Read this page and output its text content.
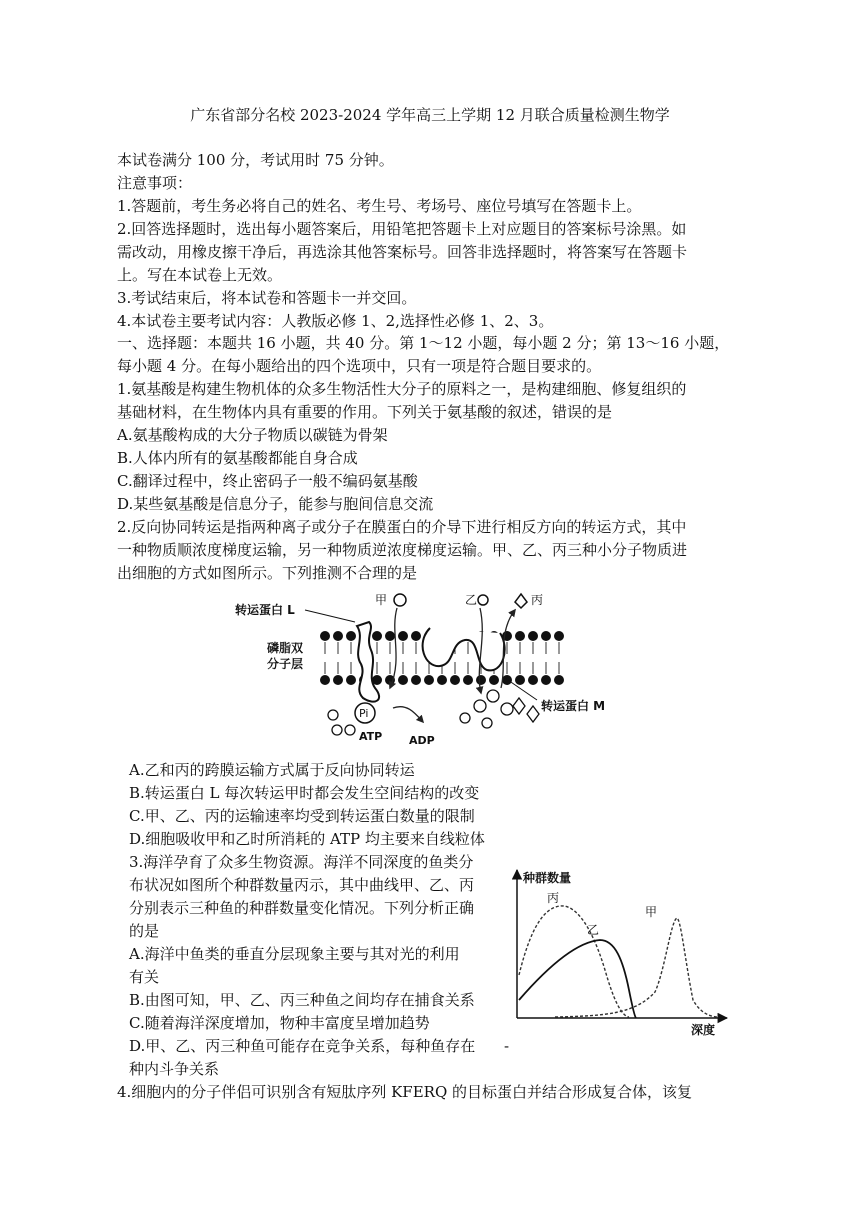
广东省部分名校 2023-2024 学年高三上学期 12 月联合质量检测生物学
本试卷满分 100 分，考试用时 75 分钟。
注意事项：
1.答题前，考生务必将自己的姓名、考生号、考场号、座位号填写在答题卡上。
2.回答选择题时，选出每小题答案后，用铅笔把答题卡上对应题目的答案标号涂黑。如
需改动，用橡皮擦干净后，再选涂其他答案标号。回答非选择题时，将答案写在答题卡
上。写在本试卷上无效。
3.考试结束后，将本试卷和答题卡一并交回。
4.本试卷主要考试内容：人教版必修 1、2,选择性必修 1、2、3。
一、选择题：本题共 16 小题，共 40 分。第 1～12 小题，每小题 2 分；第 13～16 小题，
每小题 4 分。在每小题给出的四个选项中，只有一项是符合题目要求的。
1.氨基酸是构建生物机体的众多生物活性大分子的原料之一，是构建细胞、修复组织的
基础材料，在生物体内具有重要的作用。下列关于氨基酸的叙述，错误的是
A.氨基酸构成的大分子物质以碳链为骨架
B.人体内所有的氨基酸都能自身合成
C.翻译过程中，终止密码子一般不编码氨基酸
D.某些氨基酸是信息分子，能参与胞间信息交流
2.反向协同转运是指两种离子或分子在膜蛋白的介导下进行相反方向的转运方式，其中
一种物质顺浓度梯度运输，另一种物质逆浓度梯度运输。甲、乙、丙三种小分子物质进
出细胞的方式如图所示。下列推测不合理的是
转运蛋白 L
甲	乙	丙
磷脂双
分子层
Pi
ATP ADP
转运蛋白 M
A.乙和丙的跨膜运输方式属于反向协同转运
B.转运蛋白 L 每次转运甲时都会发生空间结构的改变
C.甲、乙、丙的运输速率均受到转运蛋白数量的限制
D.细胞吸收甲和乙时所消耗的 ATP 均主要来自线粒体
3.海洋孕育了众多生物资源。海洋不同深度的鱼类分
布状况如图所个种群数量丙示，其中曲线甲、乙、丙
分别表示三种鱼的种群数量变化情况。下列分析正确
的是
A.海洋中鱼类的垂直分层现象主要与其对光的利用
有关
B.由图可知，甲、乙、丙三种鱼之间均存在捕食关系
C.随着海洋深度增加，物种丰富度呈增加趋势
D.甲、乙、丙三种鱼可能存在竞争关系，每种鱼存在 -
种内斗争关系
种群数量
深度
丙
乙
甲
4.细胞内的分子伴侣可识别含有短肽序列 KFERQ 的目标蛋白并结合形成复合体，该复
